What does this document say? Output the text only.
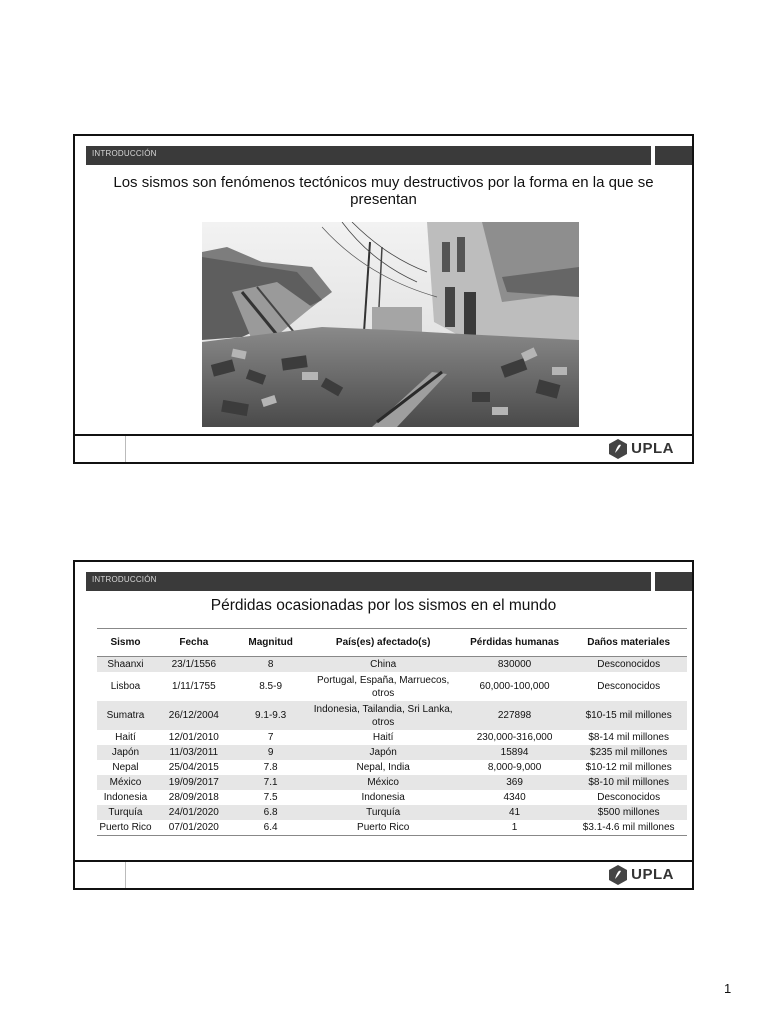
INTRODUCCIÓN
Los sismos son fenómenos tectónicos muy destructivos por la forma en la que se presentan
UPLA
INTRODUCCIÓN
Pérdidas ocasionadas por los sismos en el mundo
Sismo	Fecha	Magnitud	País(es) afectado(s)	Pérdidas humanas	Daños materiales
Shaanxi	23/1/1556	8	China	830000	Desconocidos
Lisboa	1/11/1755	8.5-9	Portugal, España, Marruecos, otros	60,000-100,000	Desconocidos
Sumatra	26/12/2004	9.1-9.3	Indonesia, Tailandia, Sri Lanka, otros	227898	$10-15 mil millones
Haití	12/01/2010	7	Haití	230,000-316,000	$8-14 mil millones
Japón	11/03/2011	9	Japón	15894	$235 mil millones
Nepal	25/04/2015	7.8	Nepal, India	8,000-9,000	$10-12 mil millones
México	19/09/2017	7.1	México	369	$8-10 mil millones
Indonesia	28/09/2018	7.5	Indonesia	4340	Desconocidos
Turquía	24/01/2020	6.8	Turquía	41	$500 millones
Puerto Rico	07/01/2020	6.4	Puerto Rico	1	$3.1-4.6 mil millones
UPLA
1
